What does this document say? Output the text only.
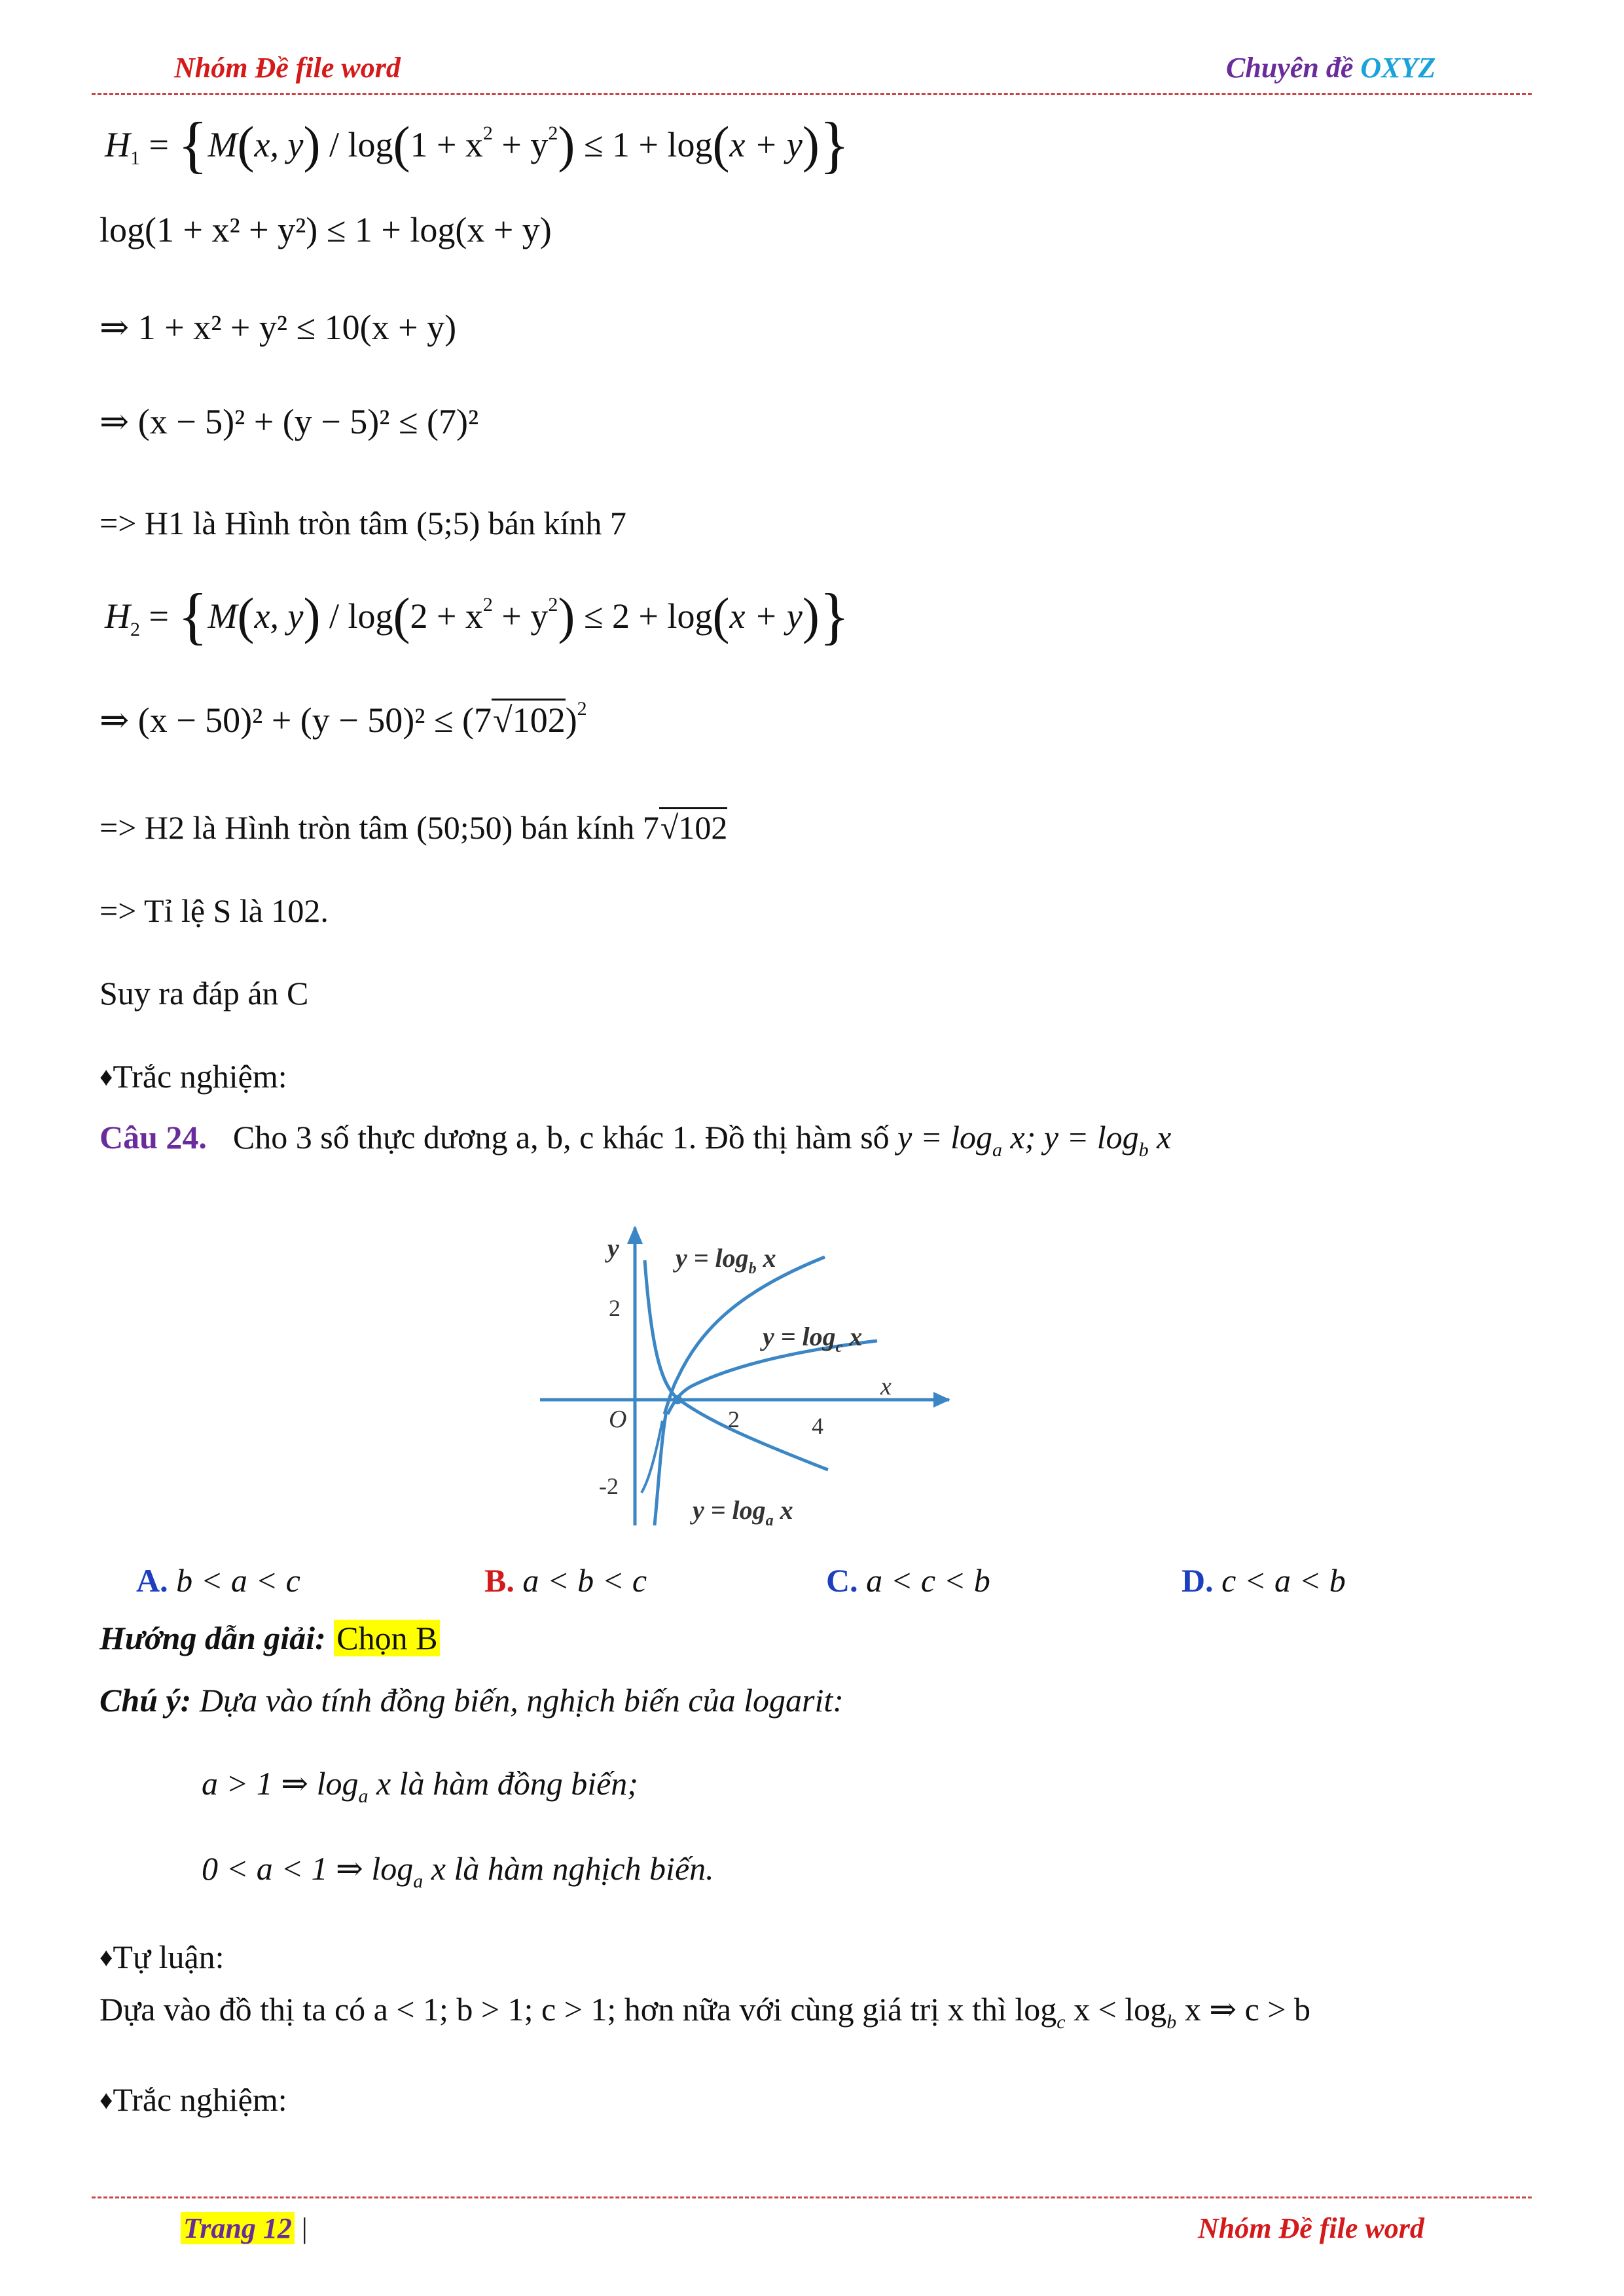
Nhóm Đề file word	Chuyên đề OXYZ
$H_1 = \{M(x$, $y) / \log(1 + x^2 + y^2) \le 1 + \log(x + y)$}
log(1 + x² + y²) ≤ 1 + log(x + y)
⇒ 1 + x² + y² ≤ 10(x + y)
⇒ (x − 5)² + (y − 5)² ≤ (7)²
=> H1 là Hình tròn tâm (5;5) bán kính 7
$H_2 = \{M(x$, $y) / \log(2 + x^2 + y^2) \le 2 + \log(x + y)$}
⇒ $(x - 50)^2 + (y - 50)^2 \le (7√102)^2$
=> H2 là Hình tròn tâm (50;50) bán kính 7√102
=> Tỉ lệ S là 102.
Suy ra đáp án C
♦Trắc nghiệm:
Câu 24. Cho 3 số thực dương a, b, c khác 1. Đồ thị hàm số $y = \log_a x$; $y = \log_b x$
y
x
O
2
-2
2	4
$y = \log_b x$
$y = \log_c x$
$y = \log_a x$
A. b < a < c	B. a < b < c	C. a < c < b	D. c < a < b
Hướng dẫn giải: Chọn B
Chú ý: Dựa vào tính đồng biến, nghịch biến của logarit:
a > 1 ⇒ $\log_a x$ là hàm đồng biến;
0 < a < 1 ⇒ $\log_a x$ là hàm nghịch biến.
♦Tự luận:
Dựa vào đồ thị ta có a < 1; b > 1; c > 1; hơn nữa với cùng giá trị x thì $\log_c x < \log_b x$ ⇒ c > b
♦Trắc nghiệm:
Trang 12 |	Nhóm Đề file word
